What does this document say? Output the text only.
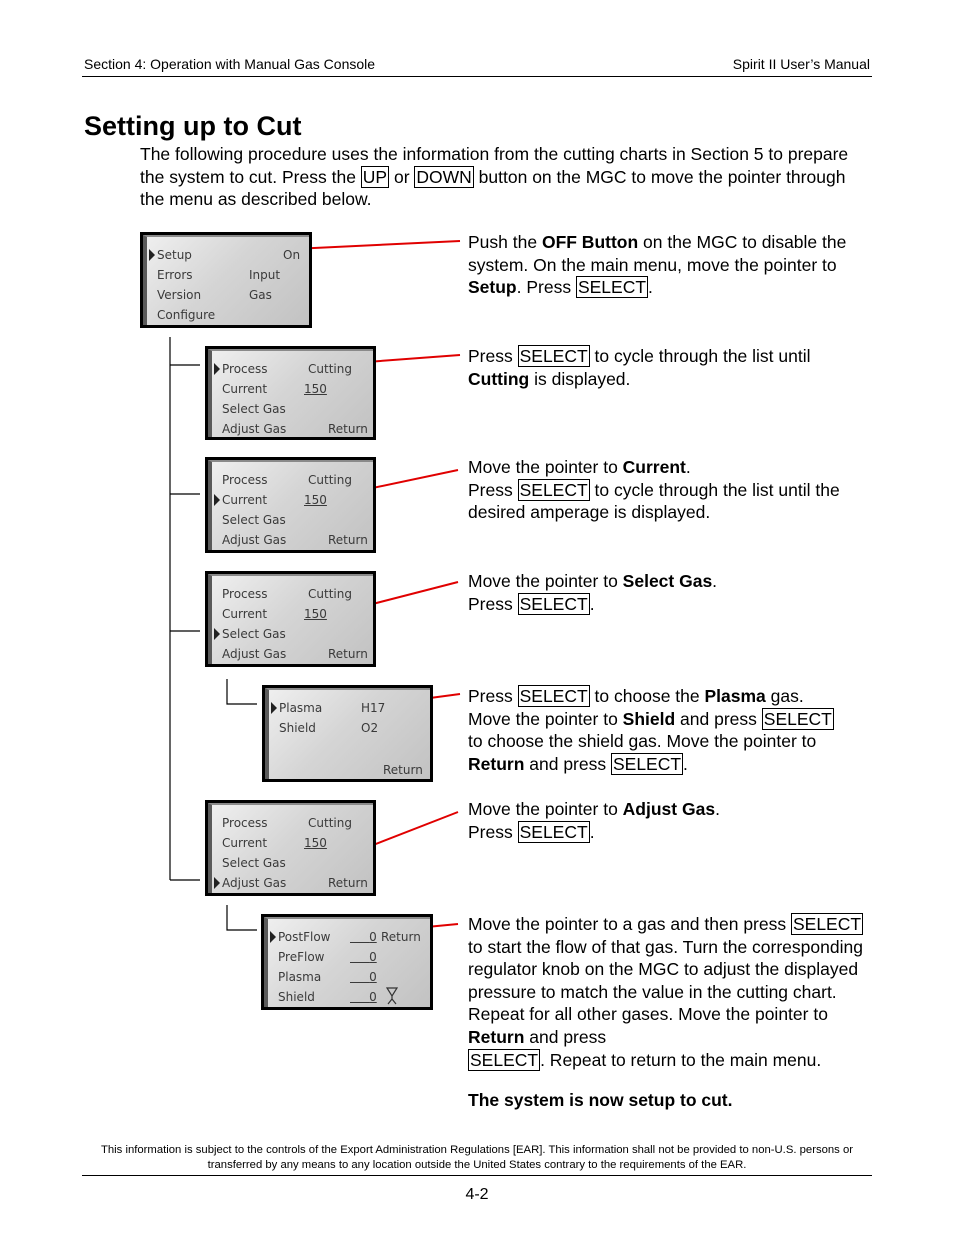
Section 4: Operation with Manual Gas Console	Spirit II User’s Manual
Setting up to Cut

The following procedure uses the information from the cutting charts in Section 5 to prepare the system to cut. Press the UP or DOWN button on the MGC to move the pointer through the menu as described below.

Setup	On
Errors	Input Gas
Version
Configure
Process	Cutting
Current	150
Select Gas
Adjust Gas	Return
Process	Cutting
Current	150
Select Gas
Adjust Gas	Return
Process	Cutting
Current	150
Select Gas
Adjust Gas	Return
Plasma	H17
Shield	O2
Return
Process	Cutting
Current	150
Select Gas
Adjust Gas	Return
PostFlow	0 Return
PreFlow	0
Plasma	0
Shield	0

Push the OFF Button on the MGC to disable the system. On the main menu, move the pointer to Setup. Press SELECT .

Press SELECT to cycle through the list until Cutting is displayed.

Move the pointer to Current.
Press SELECT to cycle through the list until the desired amperage is displayed.

Move the pointer to Select Gas.
Press SELECT .

Press SELECT to choose the Plasma gas.
Move the pointer to Shield and press SELECT
to choose the shield gas. Move the pointer to Return and press SELECT .

Move the pointer to Adjust Gas.
Press SELECT .

Move the pointer to a gas and then press SELECT to start the flow of that gas. Turn the corresponding regulator knob on the MGC to adjust the displayed pressure to match the value in the cutting chart. Repeat for all other gases. Move the pointer to Return and press
SELECT . Repeat to return to the main menu.

The system is now setup to cut.

This information is subject to the controls of the Export Administration Regulations [EAR]. This information shall not be provided to non-U.S. persons or transferred by any means to any location outside the United States contrary to the requirements of the EAR.
4-2
